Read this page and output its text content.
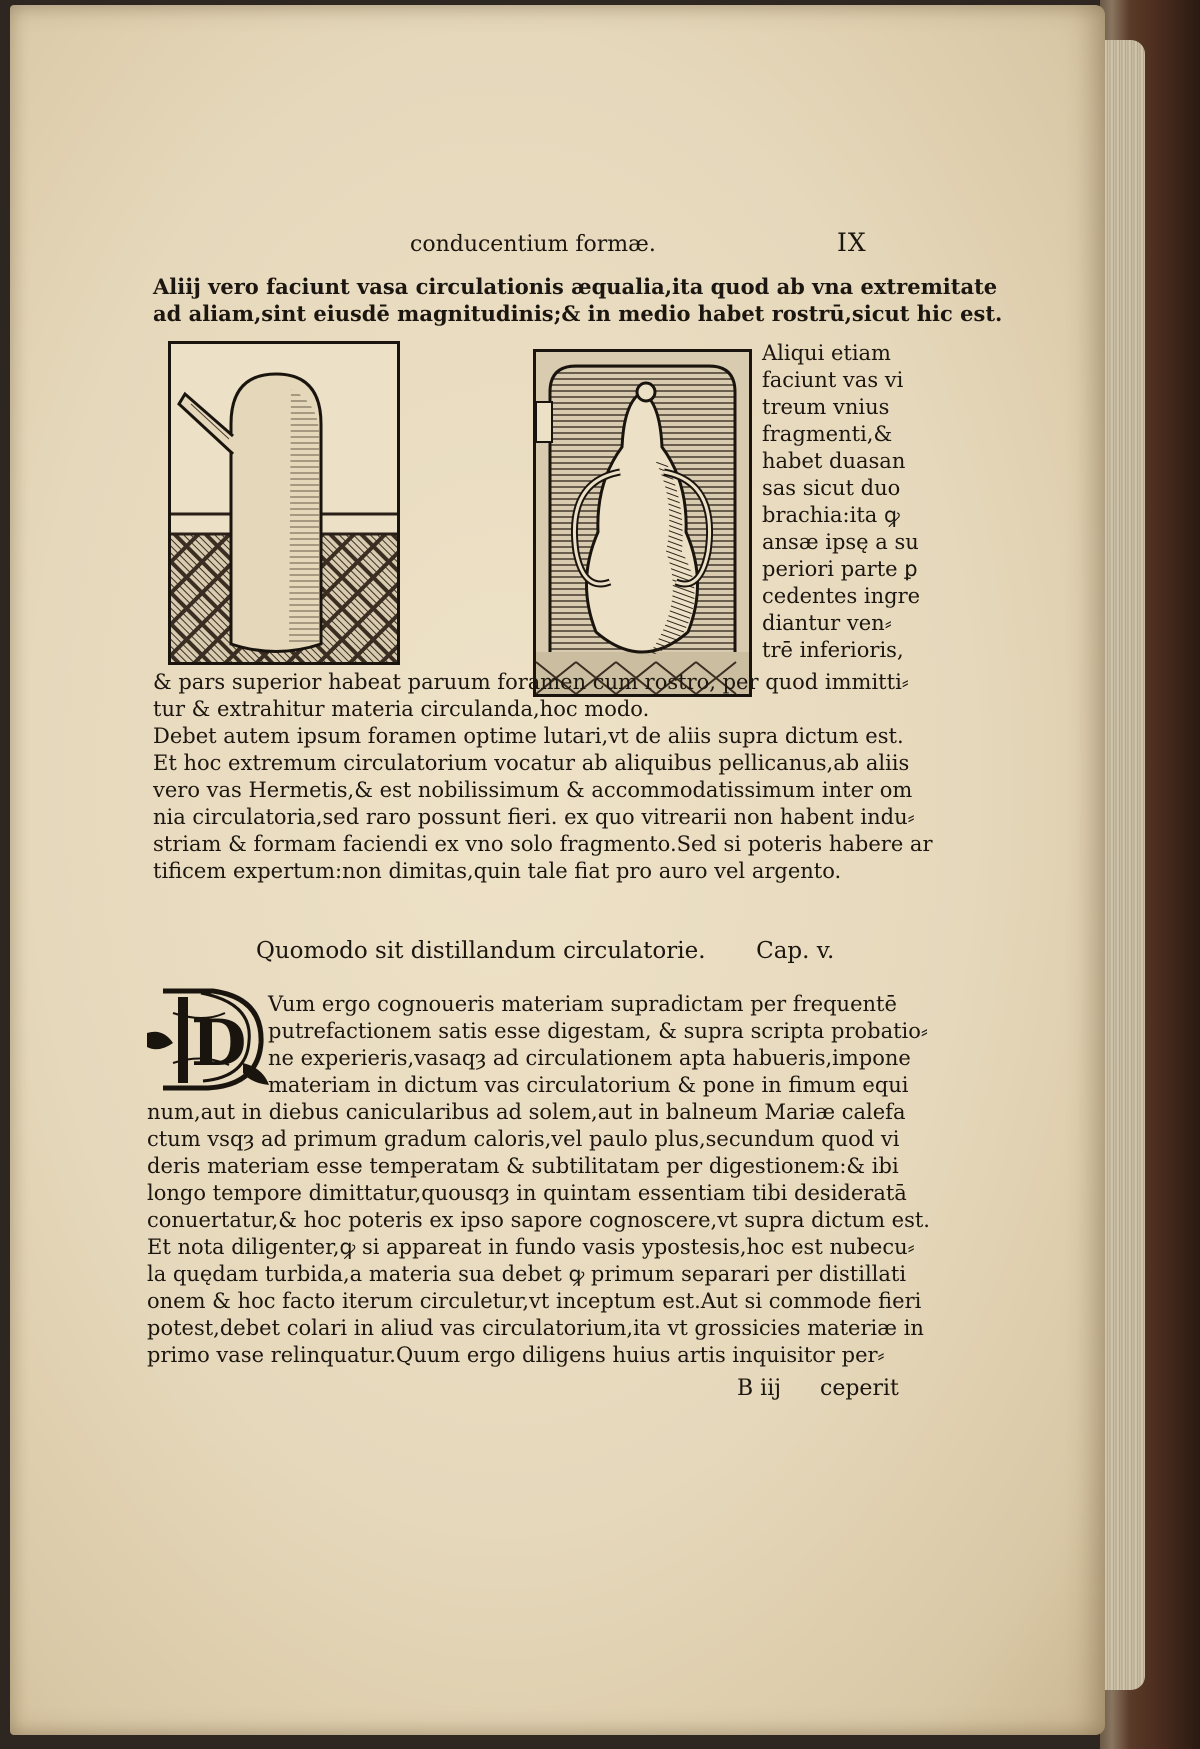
conducentium formæ.	IX
Aliij vero faciunt vasa circulationis æqualia,ita quod ab vna extremitate
ad aliam,sint eiusdē magnitudinis;& in medio habet rostrū,sicut hic est.
Aliqui etiam
faciunt vas vi
treum vnius
fragmenti,&
habet duasan
sas sicut duo
brachia:ita ꝙ
ansæ ipsę a su
periori parte ꝑ
cedentes ingre
diantur ven⸗
trē inferioris,
& pars superior habeat paruum foramen cum rostro, per quod immitti⸗
tur & extrahitur materia circulanda,hoc modo.
Debet autem ipsum foramen optime lutari,vt de aliis supra dictum est.
Et hoc extremum circulatorium vocatur ab aliquibus pellicanus,ab aliis
vero vas Hermetis,& est nobilissimum & accommodatissimum inter om
nia circulatoria,sed raro possunt fieri. ex quo vitrearii non habent indu⸗
striam & formam faciendi ex vno solo fragmento.Sed si poteris habere ar
tificem expertum:non dimitas,quin tale fiat pro auro vel argento.
Quomodo sit distillandum circulatorie. Cap. v.
D
Vum ergo cognoueris materiam supradictam per frequentē
putrefactionem satis esse digestam, & supra scripta probatio⸗
ne experieris,vasaqȝ ad circulationem apta habueris,impone
materiam in dictum vas circulatorium & pone in fimum equi
num,aut in diebus canicularibus ad solem,aut in balneum Mariæ calefa
ctum vsqȝ ad primum gradum caloris,vel paulo plus,secundum quod vi
deris materiam esse temperatam & subtilitatam per digestionem:& ibi
longo tempore dimittatur,quousqȝ in quintam essentiam tibi desideratā
conuertatur,& hoc poteris ex ipso sapore cognoscere,vt supra dictum est.
Et nota diligenter,ꝙ si appareat in fundo vasis ypostesis,hoc est nubecu⸗
la quędam turbida,a materia sua debet ꝙ primum separari per distillati
onem & hoc facto iterum circuletur,vt inceptum est.Aut si commode fieri
potest,debet colari in aliud vas circulatorium,ita vt grossicies materiæ in
primo vase relinquatur.Quum ergo diligens huius artis inquisitor per⸗
B iij ceperit
